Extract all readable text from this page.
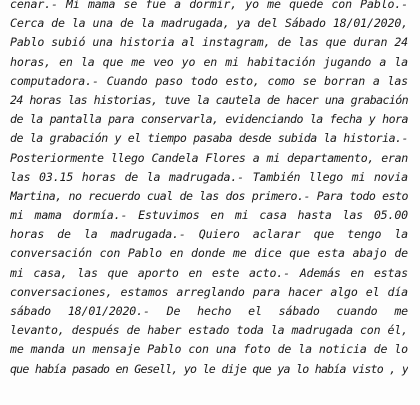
cenar.- Mi mama se fue a dormir, yo me quede con Pablo.-
Cerca de la una de la madrugada, ya del Sábado 18/01/2020,
Pablo subió una historia al instagram, de las que duran 24
horas, en la que me veo yo en mi habitación jugando a la
computadora.- Cuando paso todo esto, como se borran a las
24 horas las historias, tuve la cautela de hacer una grabación
de la pantalla para conservarla, evidenciando la fecha y hora
de la grabación y el tiempo pasaba desde subida la historia.-
Posteriormente llego Candela Flores a mi departamento, eran
las 03.15 horas de la madrugada.- También llego mi novia
Martina, no recuerdo cual de las dos primero.- Para todo esto
mi mama dormía.- Estuvimos en mi casa hasta las 05.00
horas de la madrugada.- Quiero aclarar que tengo la
conversación con Pablo en donde me dice que esta abajo de
mi casa, las que aporto en este acto.- Además en estas
conversaciones, estamos arreglando para hacer algo el día
sábado 18/01/2020.- De hecho el sábado cuando me
levanto, después de haber estado toda la madrugada con él,
me manda un mensaje Pablo con una foto de la noticia de lo
que había pasado en Gesell, yo le dije que ya lo había visto , y
